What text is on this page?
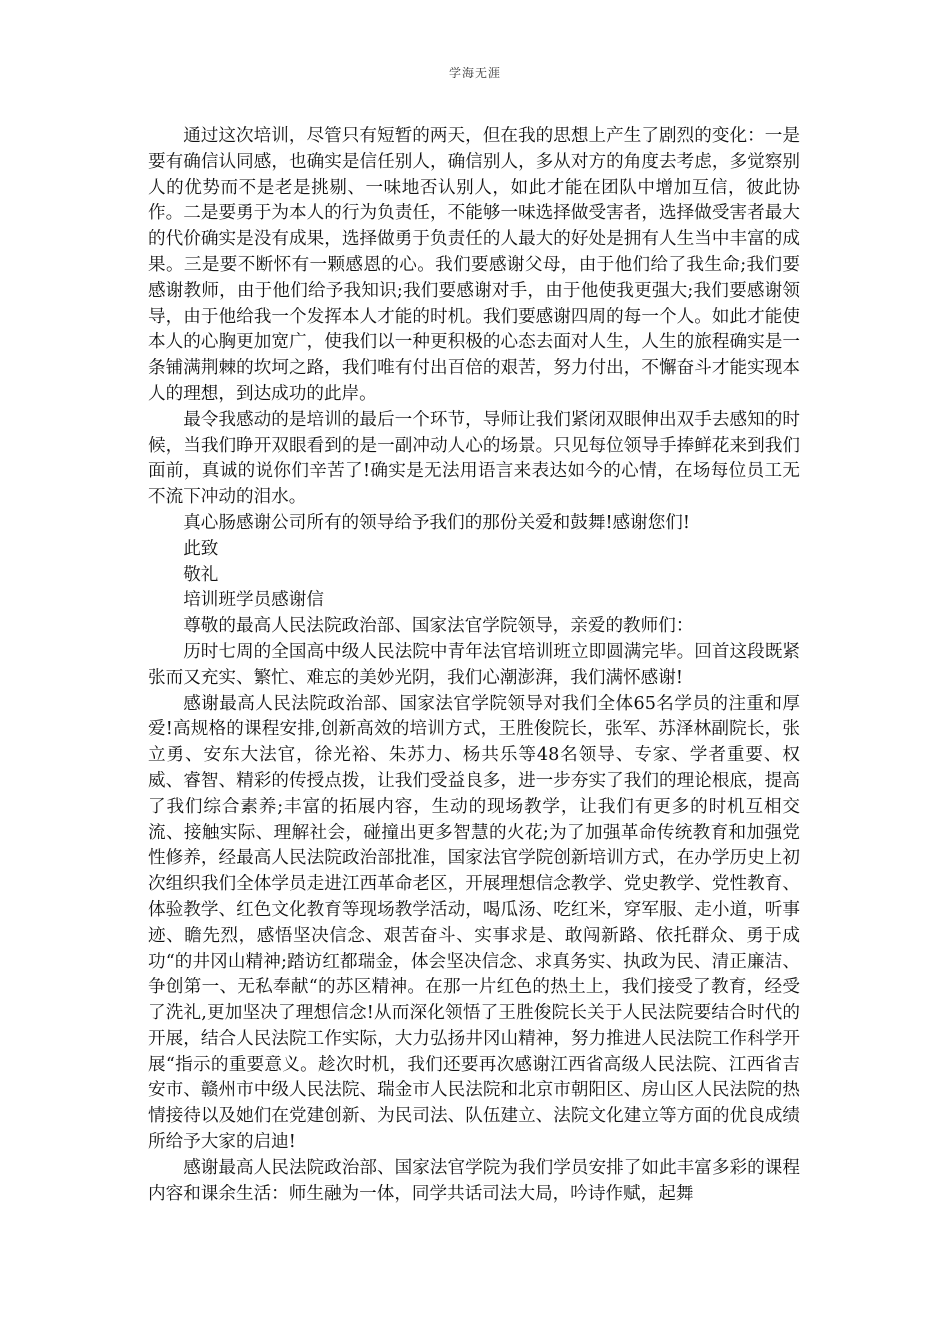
学海无涯

通过这次培训，尽管只有短暂的两天，但在我的思想上产生了剧烈的变化：一是要有确信认同感，也确实是信任别人，确信别人，多从对方的角度去考虑，多觉察别人的优势而不是老是挑剔、一味地否认别人，如此才能在团队中增加互信，彼此协作。二是要勇于为本人的行为负责任，不能够一味选择做受害者，选择做受害者最大的代价确实是没有成果，选择做勇于负责任的人最大的好处是拥有人生当中丰富的成果。三是要不断怀有一颗感恩的心。我们要感谢父母，由于他们给了我生命;我们要感谢教师，由于他们给予我知识;我们要感谢对手，由于他使我更强大;我们要感谢领导，由于他给我一个发挥本人才能的时机。我们要感谢四周的每一个人。如此才能使本人的心胸更加宽广，使我们以一种更积极的心态去面对人生，人生的旅程确实是一条铺满荆棘的坎坷之路，我们唯有付出百倍的艰苦，努力付出，不懈奋斗才能实现本人的理想，到达成功的此岸。

最令我感动的是培训的最后一个环节，导师让我们紧闭双眼伸出双手去感知的时候，当我们睁开双眼看到的是一副冲动人心的场景。只见每位领导手捧鲜花来到我们面前，真诚的说你们辛苦了!确实是无法用语言来表达如今的心情，在场每位员工无不流下冲动的泪水。

真心肠感谢公司所有的领导给予我们的那份关爱和鼓舞!感谢您们!

此致

敬礼

培训班学员感谢信

尊敬的最高人民法院政治部、国家法官学院领导，亲爱的教师们：

历时七周的全国高中级人民法院中青年法官培训班立即圆满完毕。回首这段既紧张而又充实、繁忙、难忘的美妙光阴，我们心潮澎湃，我们满怀感谢!

感谢最高人民法院政治部、国家法官学院领导对我们全体65名学员的注重和厚爱!高规格的课程安排,创新高效的培训方式，王胜俊院长，张军、苏泽林副院长，张立勇、安东大法官，徐光裕、朱苏力、杨共乐等48名领导、专家、学者重要、权威、睿智、精彩的传授点拨，让我们受益良多，进一步夯实了我们的理论根底，提高了我们综合素养;丰富的拓展内容，生动的现场教学，让我们有更多的时机互相交流、接触实际、理解社会，碰撞出更多智慧的火花;为了加强革命传统教育和加强党性修养，经最高人民法院政治部批准，国家法官学院创新培训方式，在办学历史上初次组织我们全体学员走进江西革命老区，开展理想信念教学、党史教学、党性教育、体验教学、红色文化教育等现场教学活动，喝瓜汤、吃红米，穿军服、走小道，听事迹、瞻先烈，感悟坚决信念、艰苦奋斗、实事求是、敢闯新路、依托群众、勇于成功“的井冈山精神;踏访红都瑞金，体会坚决信念、求真务实、执政为民、清正廉洁、争创第一、无私奉献“的苏区精神。在那一片红色的热土上，我们接受了教育，经受了洗礼,更加坚决了理想信念!从而深化领悟了王胜俊院长关于人民法院要结合时代的开展，结合人民法院工作实际，大力弘扬井冈山精神，努力推进人民法院工作科学开展“指示的重要意义。趁次时机，我们还要再次感谢江西省高级人民法院、江西省吉安市、赣州市中级人民法院、瑞金市人民法院和北京市朝阳区、房山区人民法院的热情接待以及她们在党建创新、为民司法、队伍建立、法院文化建立等方面的优良成绩所给予大家的启迪!

感谢最高人民法院政治部、国家法官学院为我们学员安排了如此丰富多彩的课程内容和课余生活：师生融为一体，同学共话司法大局，吟诗作赋，起舞
